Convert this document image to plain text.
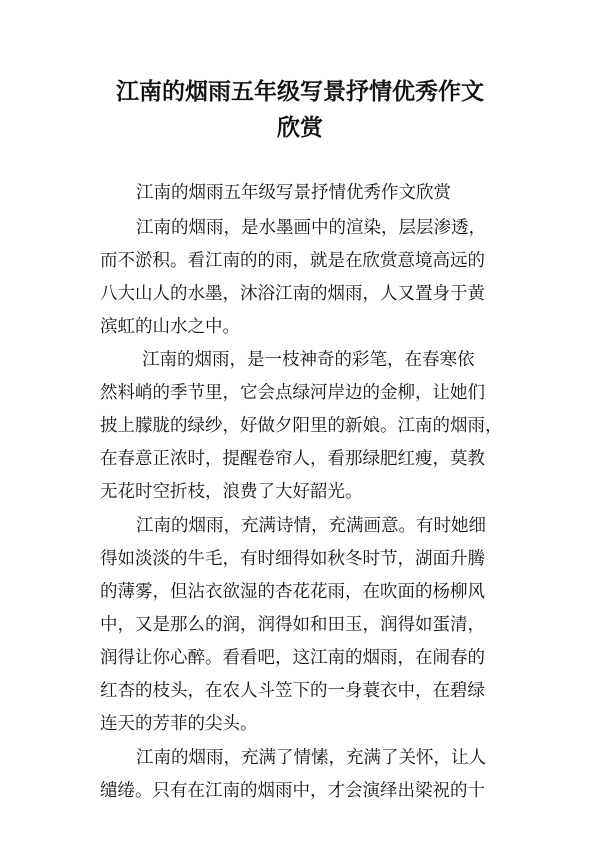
江南的烟雨五年级写景抒情优秀作文
欣赏
江南的烟雨五年级写景抒情优秀作文欣赏
江南的烟雨，是水墨画中的渲染，层层渗透，
而不淤积。看江南的的雨，就是在欣赏意境高远的
八大山人的水墨，沐浴江南的烟雨，人又置身于黄
滨虹的山水之中。
江南的烟雨，是一枝神奇的彩笔，在春寒依
然料峭的季节里，它会点绿河岸边的金柳，让她们
披上朦胧的绿纱，好做夕阳里的新娘。江南的烟雨，
在春意正浓时，提醒卷帘人，看那绿肥红瘦，莫教
无花时空折枝，浪费了大好韶光。
江南的烟雨，充满诗情，充满画意。有时她细
得如淡淡的牛毛，有时细得如秋冬时节，湖面升腾
的薄雾，但沾衣欲湿的杏花花雨，在吹面的杨柳风
中，又是那么的润，润得如和田玉，润得如蛋清，
润得让你心醉。看看吧，这江南的烟雨，在闹春的
红杏的枝头，在农人斗笠下的一身蓑衣中，在碧绿
连天的芳菲的尖头。
江南的烟雨，充满了情愫，充满了关怀，让人
缱绻。只有在江南的烟雨中，才会演绎出梁祝的十
